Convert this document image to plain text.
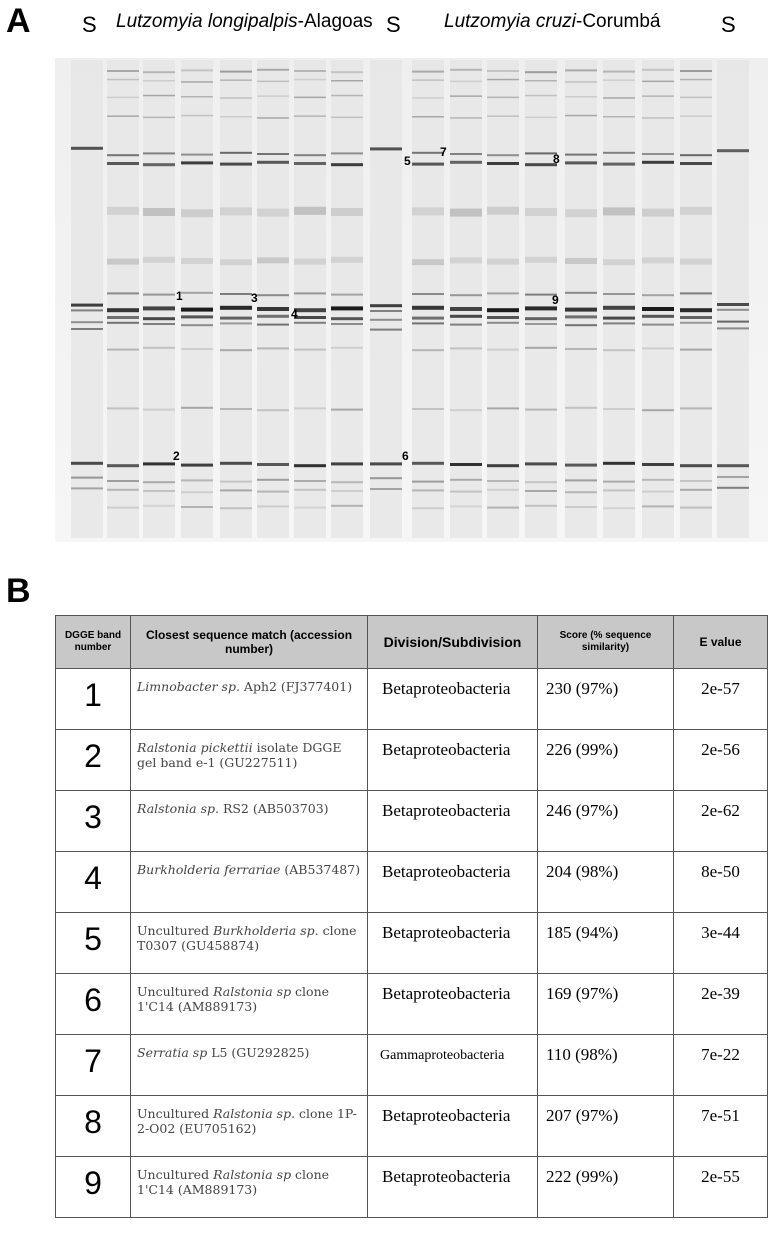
A S Lutzomyia longipalpis-Alagoas S Lutzomyia cruzi-Corumbá	S
1
2
3
4
5
6
7	8
9
B
DGGE band number	Closest sequence match (accession number)	Division/Subdivision	Score (% sequence similarity)	E value
1	Limnobacter sp. Aph2 (FJ377401)	Betaproteobacteria	230 (97%)	2e-57
2	Ralstonia pickettii isolate DGGE gel band e-1 (GU227511)	Betaproteobacteria	226 (99%)	2e-56
3	Ralstonia sp. RS2 (AB503703)	Betaproteobacteria	246 (97%)	2e-62
4	Burkholderia ferrariae (AB537487)	Betaproteobacteria	204 (98%)	8e-50
5	Uncultured Burkholderia sp. clone T0307 (GU458874)	Betaproteobacteria	185 (94%)	3e-44
6	Uncultured Ralstonia sp clone 1'C14 (AM889173)	Betaproteobacteria	169 (97%)	2e-39
7	Serratia sp L5 (GU292825)	Gammaproteobacteria	110 (98%)	7e-22
8	Uncultured Ralstonia sp. clone 1P-2-O02 (EU705162)	Betaproteobacteria	207 (97%)	7e-51
9	Uncultured Ralstonia sp clone 1'C14 (AM889173)	Betaproteobacteria	222 (99%)	2e-55
